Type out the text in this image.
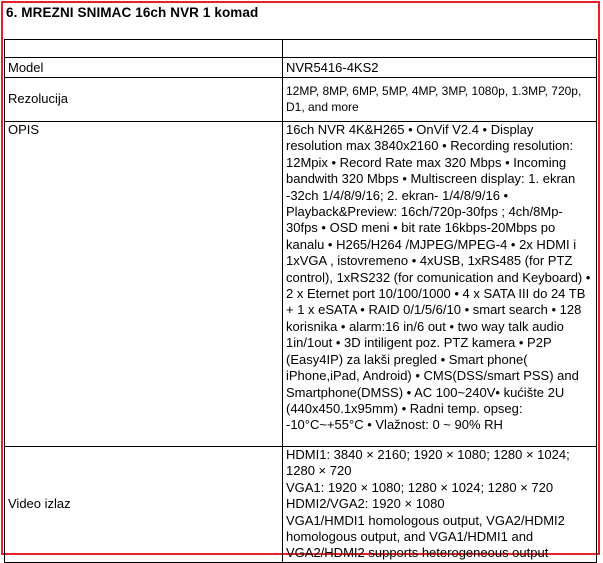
6. MREZNI SNIMAC 16ch NVR 1 komad

Model	NVR5416-4KS2
Rezolucija	12MP, 8MP, 6MP, 5MP, 4MP, 3MP, 1080p, 1.3MP, 720p, D1, and more
OPIS	16ch NVR 4K&H265 • OnVif V2.4 • Display resolution max 3840x2160 • Recording resolution: 12Mpix • Record Rate max 320 Mbps • Incoming bandwith 320 Mbps • Multiscreen display: 1. ekran -32ch 1/4/8/9/16; 2. ekran- 1/4/8/9/16 • Playback&Preview: 16ch/720p-30fps ; 4ch/8Mp-30fps • OSD meni • bit rate 16kbps-20Mbps po kanalu • H265/H264 /MJPEG/MPEG-4 • 2x HDMI i 1xVGA , istovremeno • 4xUSB, 1xRS485 (for PTZ control), 1xRS232 (for comunication and Keyboard) • 2 x Eternet port 10/100/1000 • 4 x SATA III do 24 TB + 1 x eSATA • RAID 0/1/5/6/10 • smart search • 128 korisnika • alarm:16 in/6 out • two way talk audio 1in/1out • 3D intiligent poz. PTZ kamera • P2P (Easy4IP) za lakši pregled • Smart phone( iPhone,iPad, Android) • CMS(DSS/smart PSS) and Smartphone(DMSS) • AC 100~240V• kućište 2U (440x450.1x95mm) • Radni temp. opseg: -10°C~+55°C • Vlažnost: 0 ~ 90% RH

Video izlaz	HDMI1: 3840 × 2160; 1920 × 1080; 1280 × 1024; 1280 × 720
VGA1: 1920 × 1080; 1280 × 1024; 1280 × 720
HDMI2/VGA2: 1920 × 1080
VGA1/HMDI1 homologous output, VGA2/HDMI2 homologous output, and VGA1/HDMI1 and VGA2/HDMI2 supports heterogeneous output
